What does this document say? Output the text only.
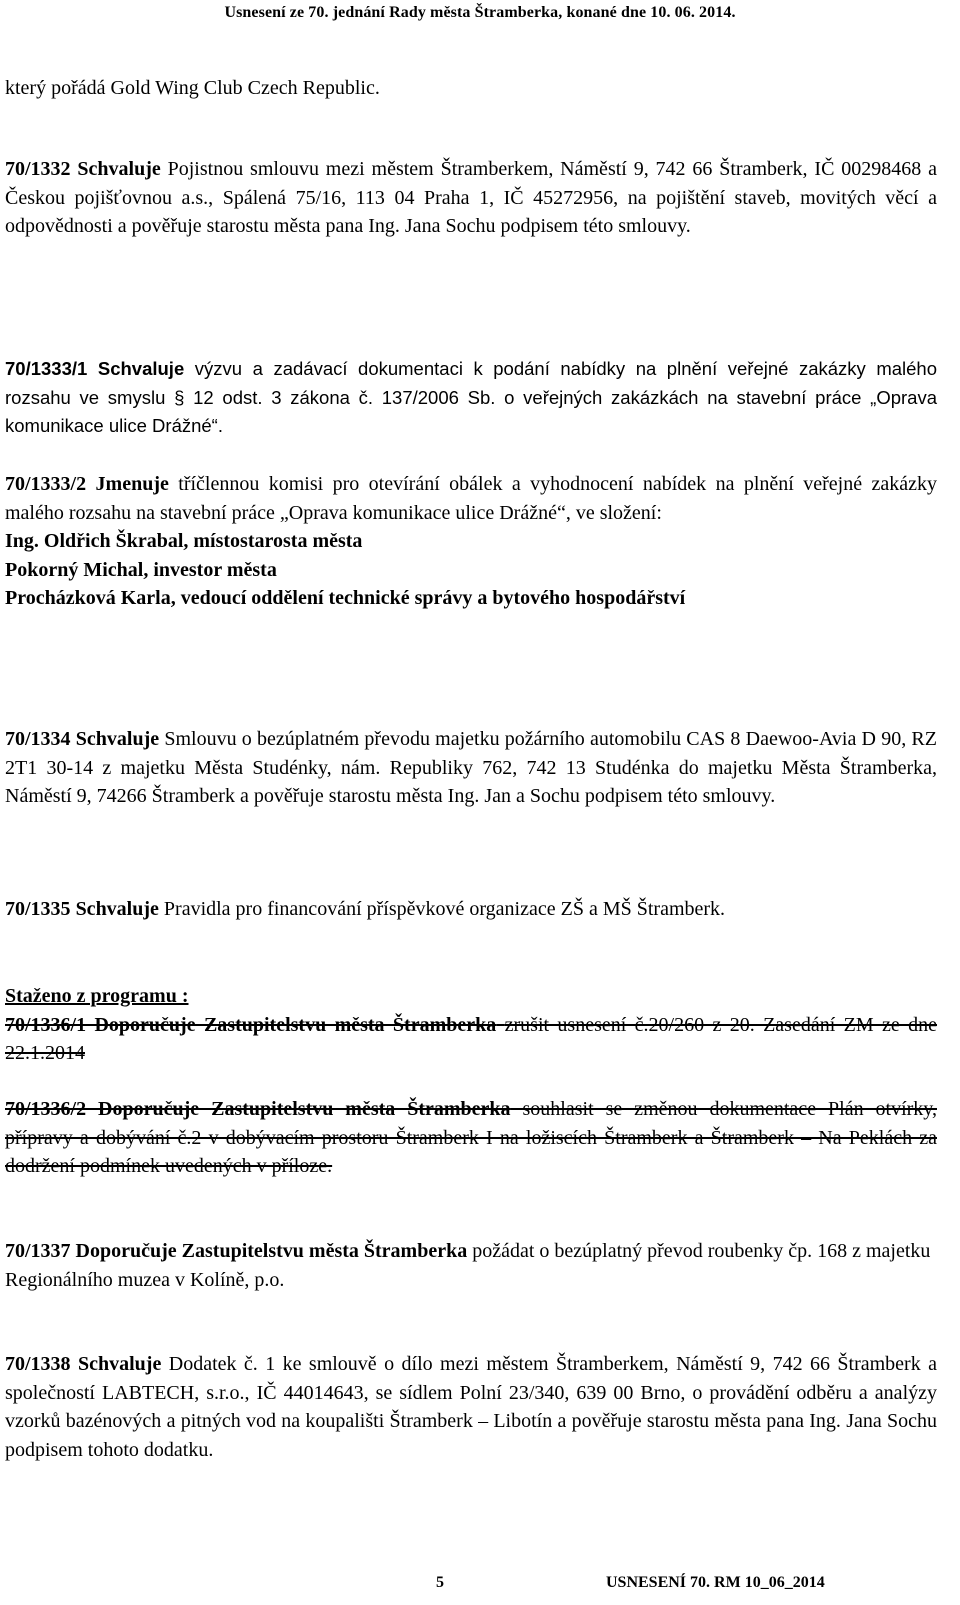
Usnesení ze 70. jednání Rady města Štramberka, konané dne 10. 06. 2014.
který pořádá Gold Wing Club Czech Republic.
70/1332 Schvaluje Pojistnou smlouvu mezi městem Štramberkem, Náměstí 9, 742 66 Štramberk, IČ 00298468 a Českou pojišťovnou a.s., Spálená 75/16, 113 04 Praha 1, IČ 45272956, na pojištění staveb, movitých věcí a odpovědnosti a pověřuje starostu města pana Ing. Jana Sochu podpisem této smlouvy.
70/1333/1 Schvaluje výzvu a zadávací dokumentaci k podání nabídky na plnění veřejné zakázky malého rozsahu ve smyslu § 12 odst. 3 zákona č. 137/2006 Sb. o veřejných zakázkách na stavební práce „Oprava komunikace ulice Drážné“.
70/1333/2 Jmenuje tříčlennou komisi pro otevírání obálek a vyhodnocení nabídek na plnění veřejné zakázky malého rozsahu na stavební práce „Oprava komunikace ulice Drážné“, ve složení:
Ing. Oldřich Škrabal, místostarosta města
Pokorný Michal, investor města
Procházková Karla, vedoucí oddělení technické správy a bytového hospodářství
70/1334 Schvaluje Smlouvu o bezúplatném převodu majetku požárního automobilu CAS 8 Daewoo-Avia D 90, RZ 2T1 30-14 z majetku Města Studénky, nám. Republiky 762, 742 13 Studénka do majetku Města Štramberka, Náměstí 9, 74266 Štramberk a pověřuje starostu města Ing. Jan a Sochu podpisem této smlouvy.
70/1335 Schvaluje Pravidla pro financování příspěvkové organizace ZŠ a MŠ Štramberk.
Staženo z programu :
70/1336/1 Doporučuje Zastupitelstvu města Štramberka zrušit usnesení č.20/260 z 20. Zasedání ZM ze dne 22.1.2014
70/1336/2 Doporučuje Zastupitelstvu města Štramberka souhlasit se změnou dokumentace Plán otvírky, přípravy a dobývání č.2 v dobývacím prostoru Štramberk I na ložiscích Štramberk a Štramberk – Na Peklách za dodržení podmínek uvedených v příloze.
70/1337 Doporučuje Zastupitelstvu města Štramberka požádat o bezúplatný převod roubenky čp. 168 z majetku Regionálního muzea v Kolíně, p.o.
70/1338 Schvaluje Dodatek č. 1 ke smlouvě o dílo mezi městem Štramberkem, Náměstí 9, 742 66 Štramberk a společností LABTECH, s.r.o., IČ 44014643, se sídlem Polní 23/340, 639 00 Brno, o provádění odběru a analýzy vzorků bazénových a pitných vod na koupališti Štramberk – Libotín a pověřuje starostu města pana Ing. Jana Sochu podpisem tohoto dodatku.
5	USNESENÍ 70. RM 10_06_2014
